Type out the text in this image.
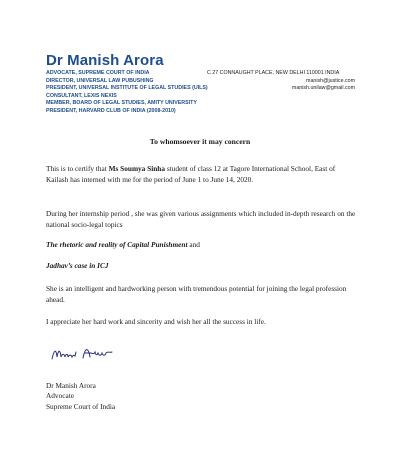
Dr Manish Arora
ADVOCATE, SUPREME COURT OF INDIA
DIRECTOR, UNIVERSAL LAW PUBUSHING
PRESIDENT, UNIVERSAL INSTITUTE OF LEGAL STUDIES (UILS)
CONSULTANT, LEXIS NEXIS
MEMBER, BOARD OF LEGAL STUDIES, AMITY UNIVERSITY
PRESIDENT, HARVARD CLUB OF INDIA (2008-2010)
C 27 CONNAUGHT PLACE, NEW DELHI 110001 INDIA
manish@justice.com
manish.unilaw@gmail.com
To whomsoever it may concern
This is to certify that Ms Soumya Sinha student of class 12 at Tagore International School, East of Kailash has interned with me for the period of June 1 to June 14, 2020.
During her internship period , she was given various assignments which included in-depth research on the national socio-legal topics
The rhetoric and reality of Capital Punishment and
Jadhav’s case in ICJ
She is an intelligent and hardworking person with tremendous potential for joining the legal profession ahead.
I appreciate her hard work and sincerity and wish her all the success in life.
Dr Manish Arora
Advocate
Supreme Court of India
